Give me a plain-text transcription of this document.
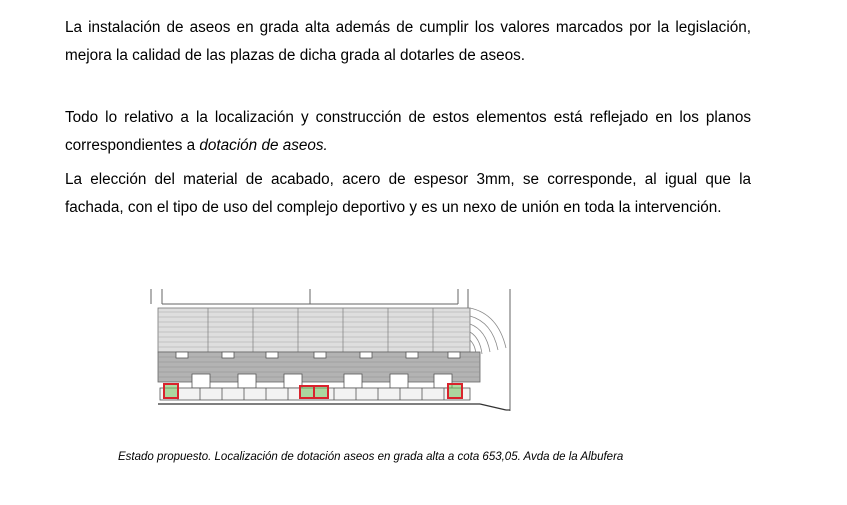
La instalación de aseos en grada alta además de cumplir los valores marcados por la legislación, mejora la calidad de las plazas de dicha grada al dotarles de aseos.

Todo lo relativo a la localización y construcción de estos elementos está reflejado en los planos correspondientes a dotación de aseos.

La elección del material de acabado, acero de espesor 3mm, se corresponde, al igual que la fachada, con el tipo de uso del complejo deportivo y es un nexo de unión en toda la intervención.

Estado propuesto. Localización de dotación aseos en grada alta a cota 653,05. Avda de la Albufera
